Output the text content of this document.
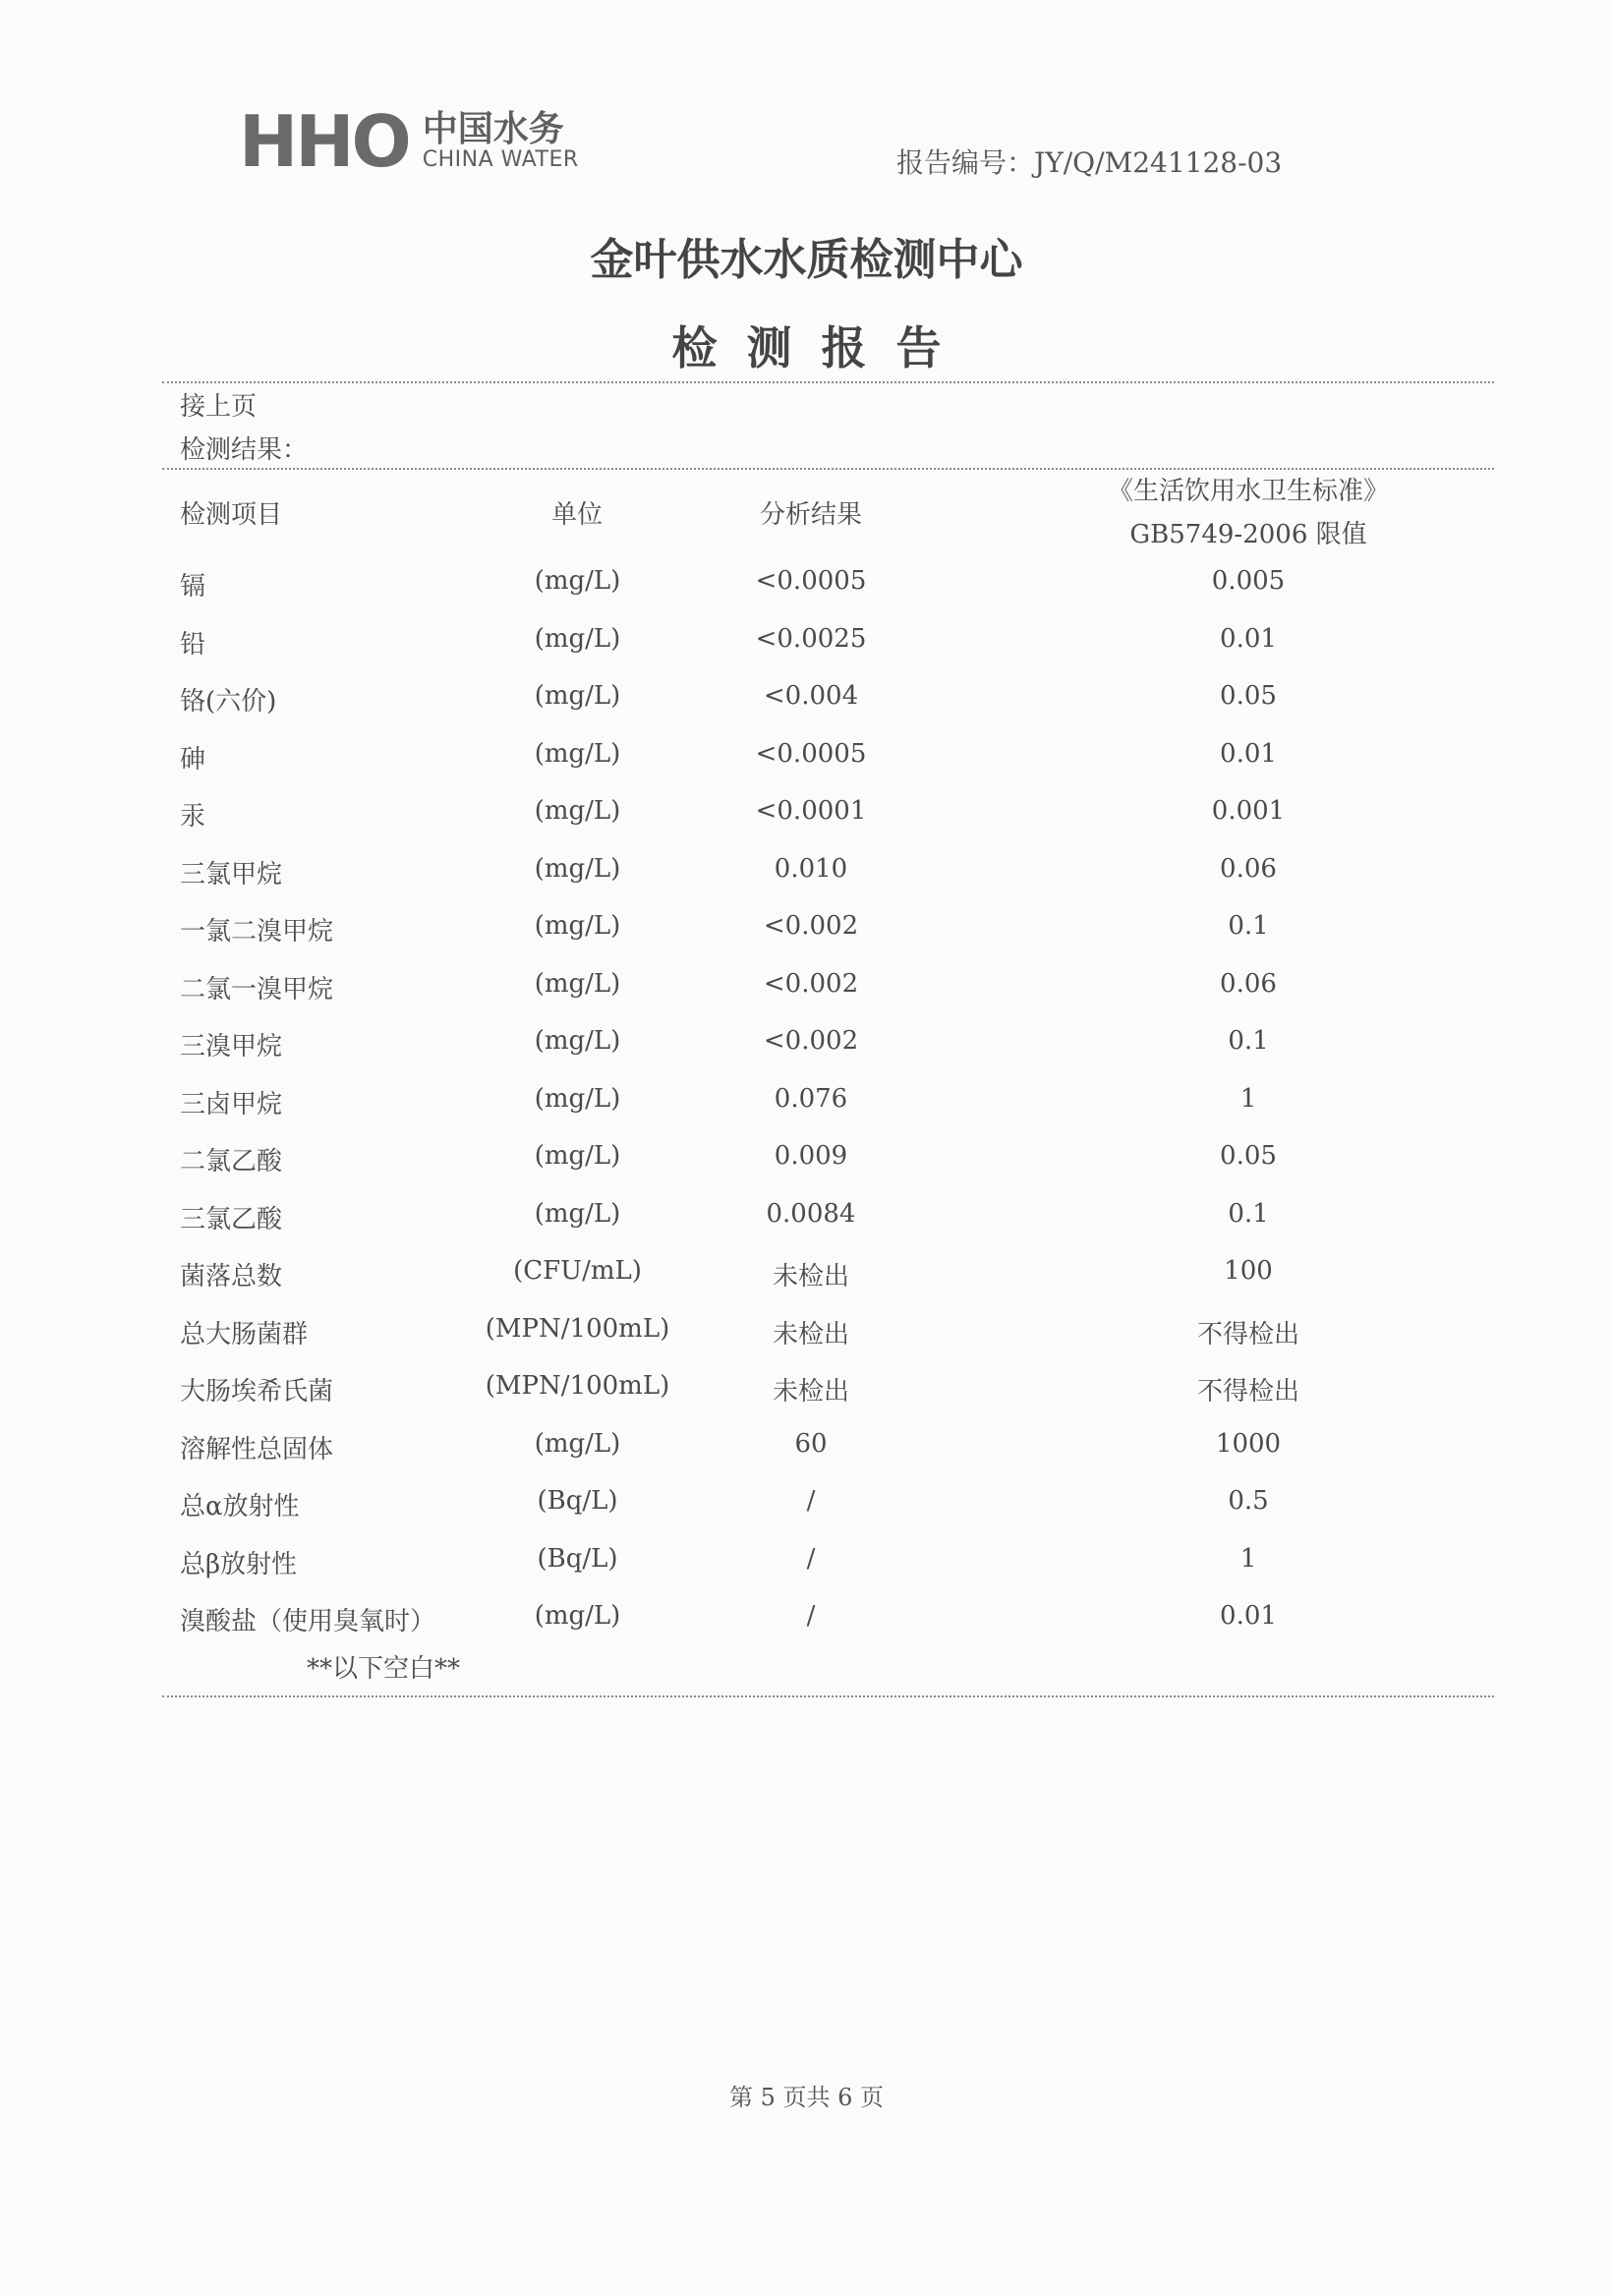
HHO 中国水务
CHINA WATER	报告编号：JY/Q/M241128-03
金叶供水水质检测中心
检测报告
接上页
检测结果：
检测项目	单位	分析结果
《生活饮用水卫生标准》
GB5749-2006 限值
镉	(mg/L)	<0.0005	0.005
铅	(mg/L)	<0.0025	0.01
铬(六价)	(mg/L)	<0.004	0.05
砷	(mg/L)	<0.0005	0.01
汞	(mg/L)	<0.0001	0.001
三氯甲烷	(mg/L)	0.010	0.06
一氯二溴甲烷	(mg/L)	<0.002	0.1
二氯一溴甲烷	(mg/L)	<0.002	0.06
三溴甲烷	(mg/L)	<0.002	0.1
三卤甲烷	(mg/L)	0.076	1
二氯乙酸	(mg/L)	0.009	0.05
三氯乙酸	(mg/L)	0.0084	0.1
菌落总数	(CFU/mL)	未检出	100
总大肠菌群	(MPN/100mL)	未检出	不得检出
大肠埃希氏菌	(MPN/100mL)	未检出	不得检出
溶解性总固体	(mg/L)	60	1000
总α放射性	(Bq/L)	/	0.5
总β放射性	(Bq/L)	/	1
溴酸盐（使用臭氧时）	(mg/L)	/	0.01
**以下空白**
第 5 页共 6 页
